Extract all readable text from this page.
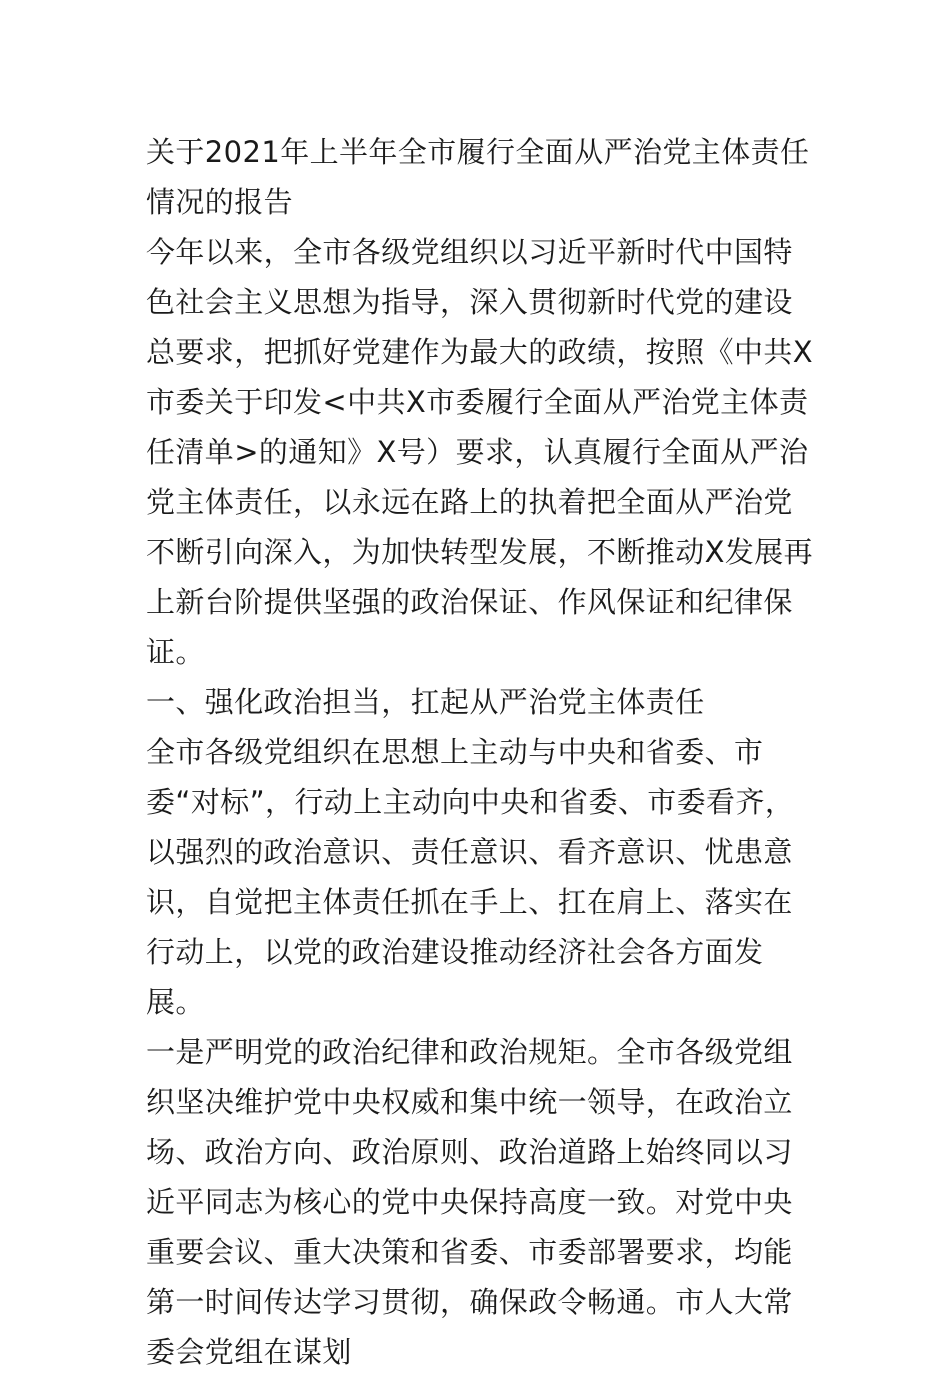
关于2021年上半年全市履行全面从严治党主体责任情况的报告

今年以来，全市各级党组织以习近平新时代中国特色社会主义思想为指导，深入贯彻新时代党的建设总要求，把抓好党建作为最大的政绩，按照《中共X市委关于印发<中共X市委履行全面从严治党主体责任清单>的通知》X号）要求，认真履行全面从严治党主体责任，以永远在路上的执着把全面从严治党不断引向深入，为加快转型发展，不断推动X发展再上新台阶提供坚强的政治保证、作风保证和纪律保证。

一、强化政治担当，扛起从严治党主体责任

全市各级党组织在思想上主动与中央和省委、市委“对标”，行动上主动向中央和省委、市委看齐，以强烈的政治意识、责任意识、看齐意识、忧患意识，自觉把主体责任抓在手上、扛在肩上、落实在行动上，以党的政治建设推动经济社会各方面发展。

一是严明党的政治纪律和政治规矩。全市各级党组织坚决维护党中央权威和集中统一领导，在政治立场、政治方向、政治原则、政治道路上始终同以习近平同志为核心的党中央保持高度一致。对党中央重要会议、重大决策和省委、市委部署要求，均能第一时间传达学习贯彻，确保政令畅通。市人大常委会党组在谋划
